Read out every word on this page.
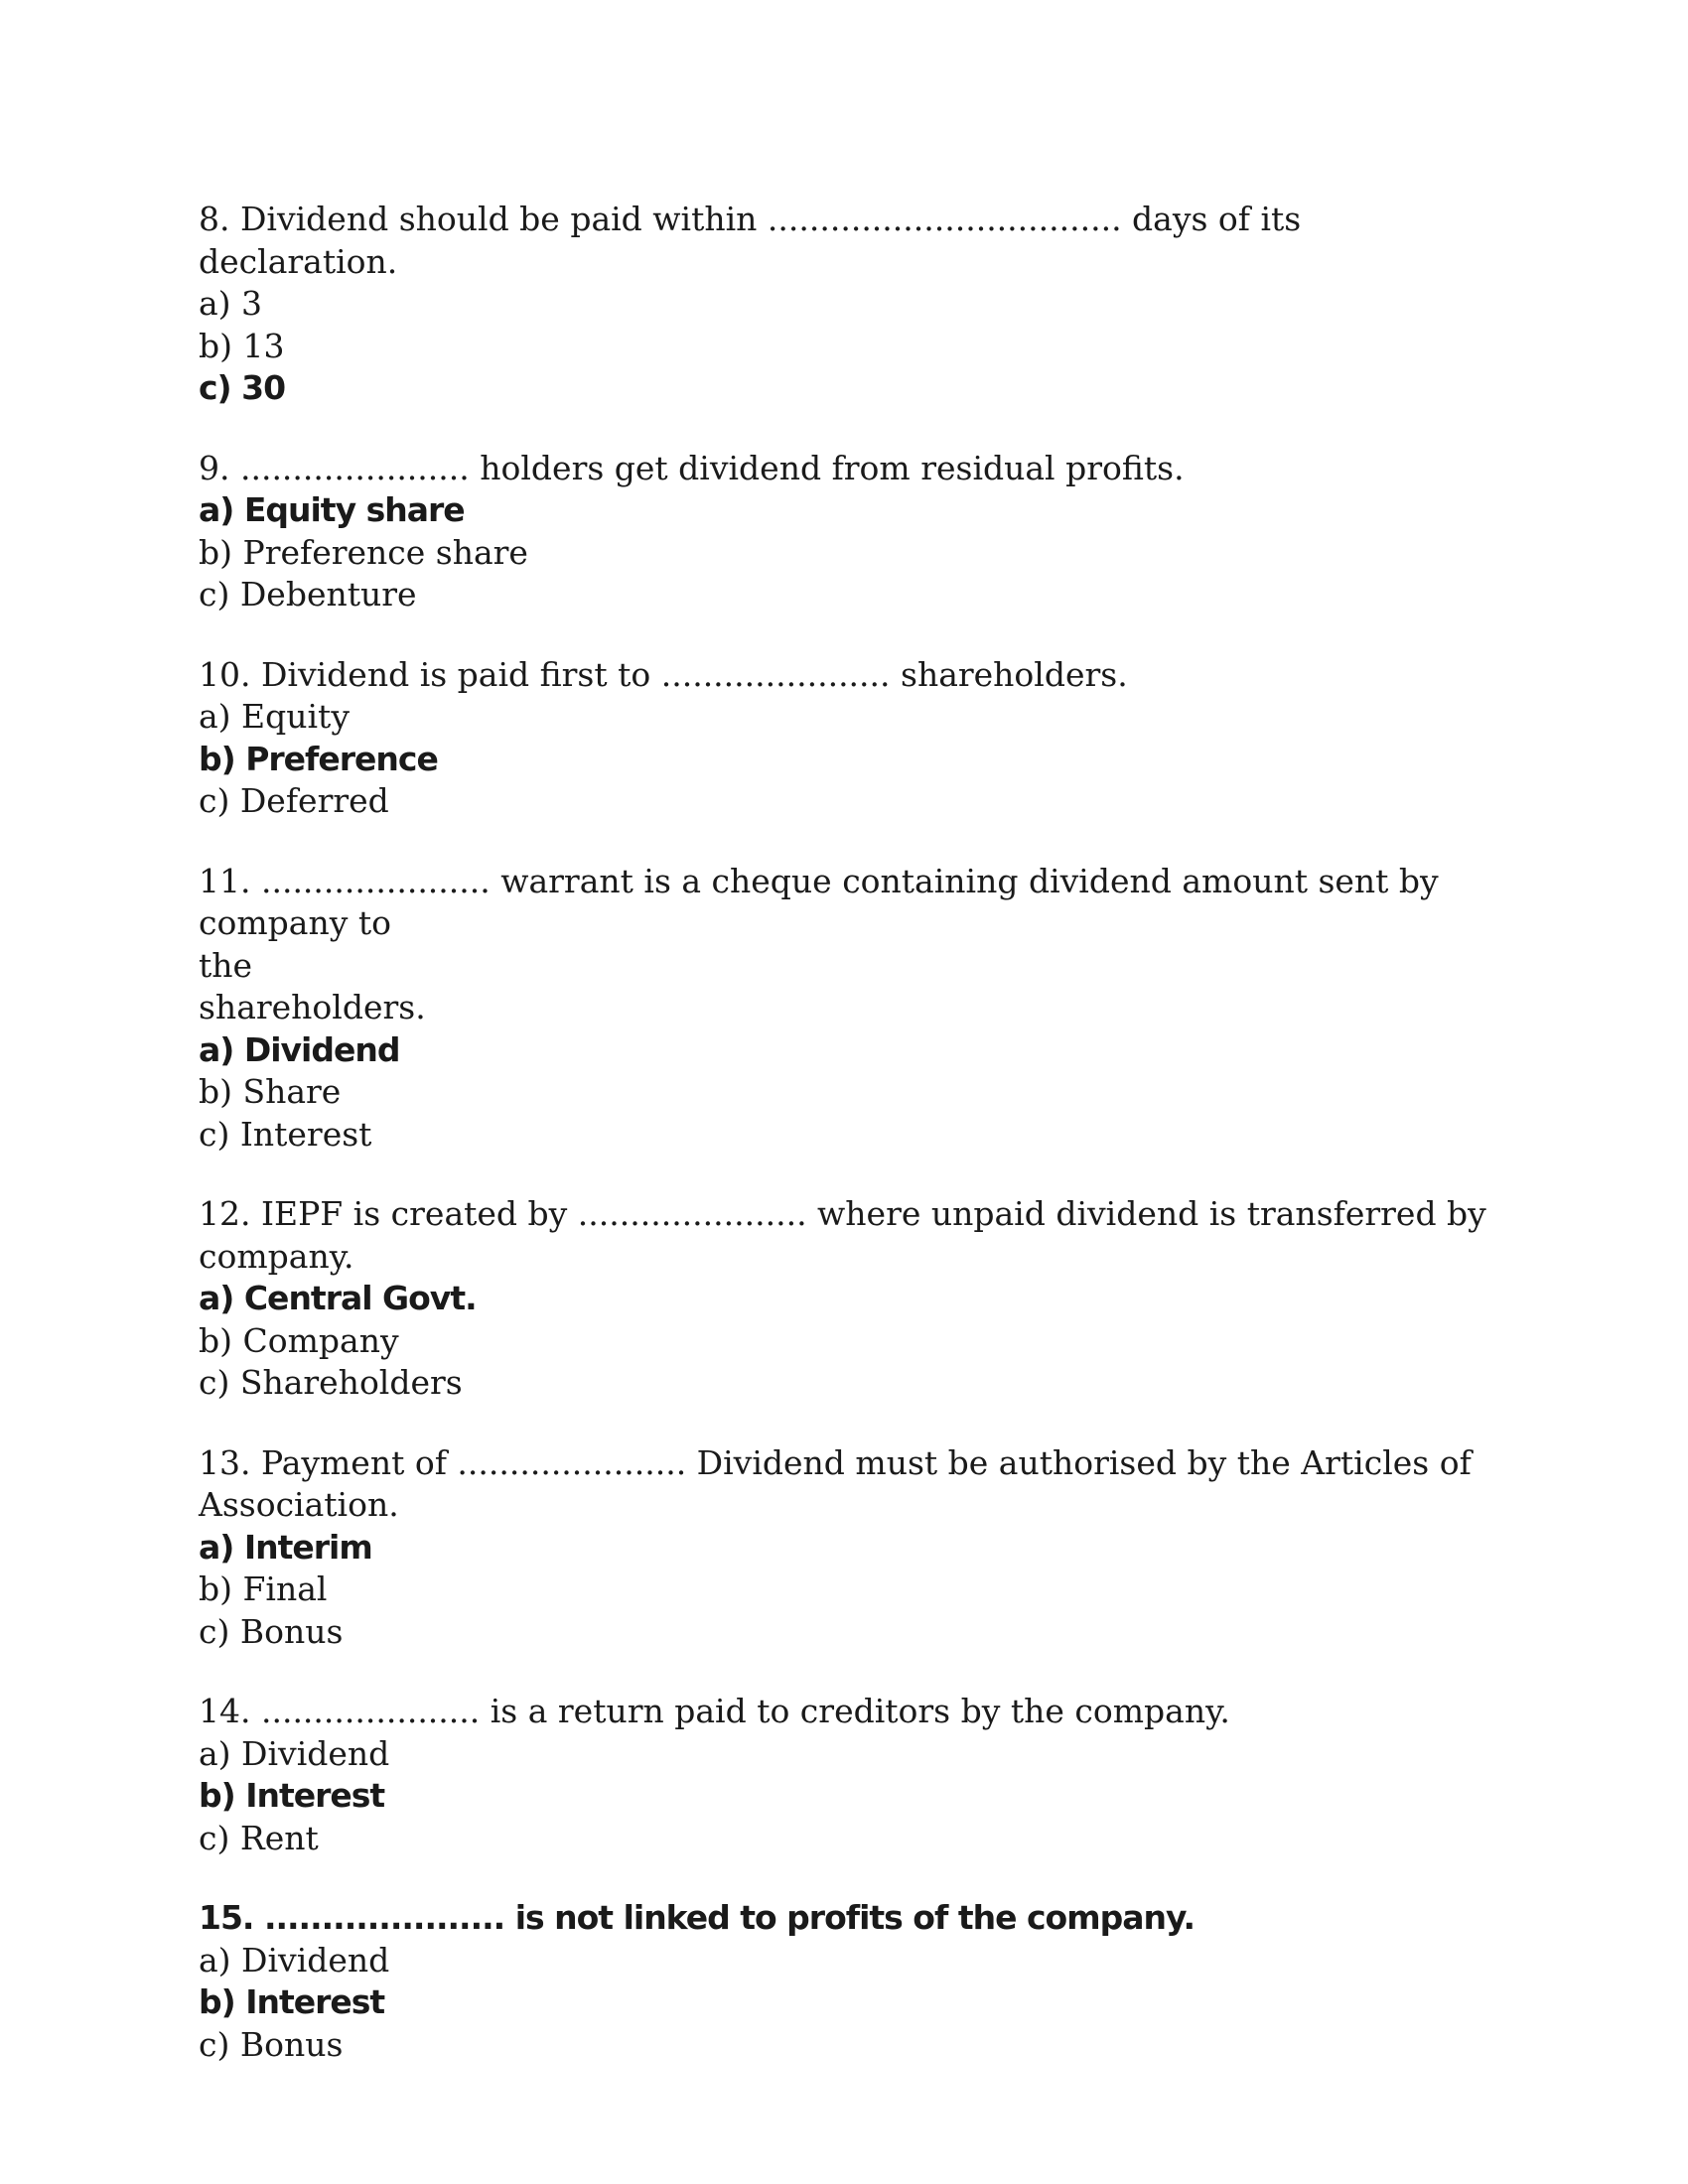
8. Dividend should be paid within .................................. days of its declaration.

a) 3

b) 13

c) 30

9. ...................... holders get dividend from residual profits.

a) Equity share

b) Preference share

c) Debenture

10. Dividend is paid first to ...................... shareholders.

a) Equity

b) Preference

c) Deferred

11. ...................... warrant is a cheque containing dividend amount sent by company to

the

shareholders.

a) Dividend

b) Share

c) Interest

12. IEPF is created by ...................... where unpaid dividend is transferred by company.

a) Central Govt.

b) Company

c) Shareholders

13. Payment of ...................... Dividend must be authorised by the Articles of

Association.

a) Interim

b) Final

c) Bonus

14. ..................... is a return paid to creditors by the company.

a) Dividend

b) Interest

c) Rent

15. ..................... is not linked to profits of the company.

a) Dividend

b) Interest

c) Bonus
